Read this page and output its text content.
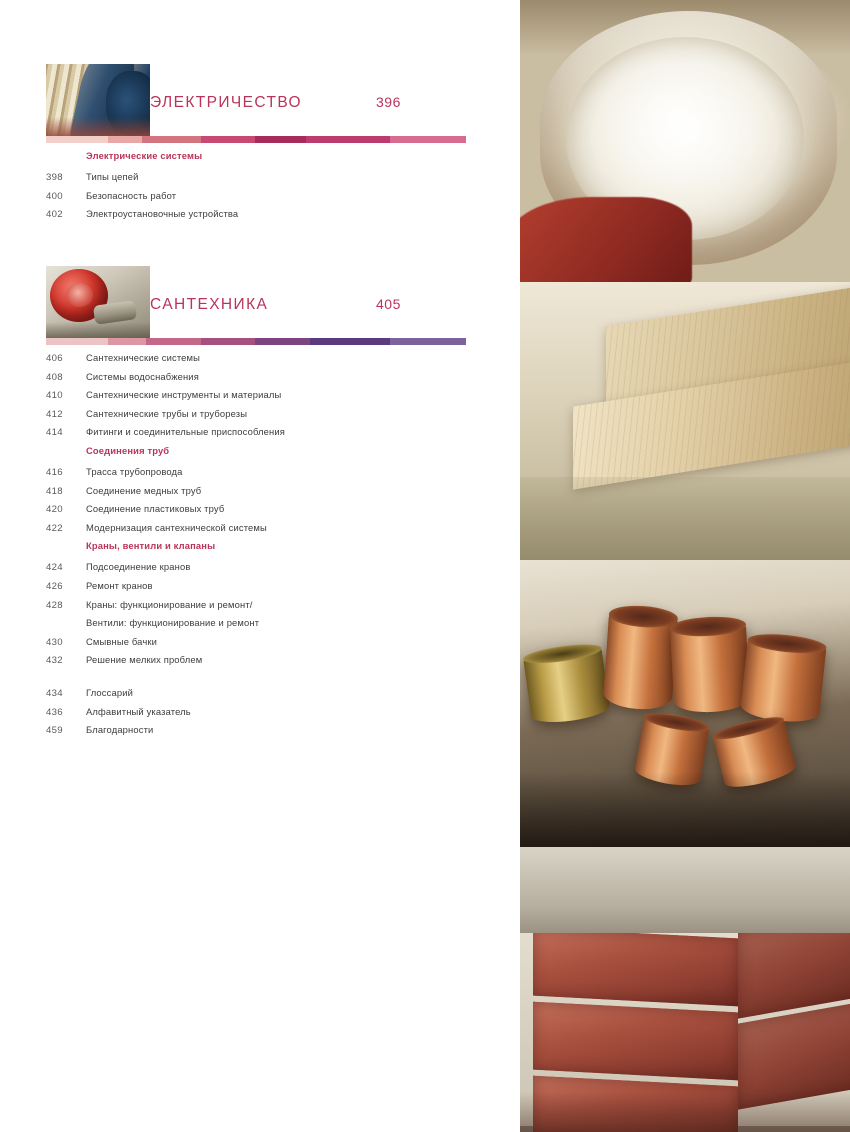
ЭЛЕКТРИЧЕСТВО	396
Электрические системы
398	Типы цепей
400	Безопасность работ
402	Электроустановочные устройства
САНТЕХНИКА	405
406	Сантехнические системы
408	Системы водоснабжения
410	Сантехнические инструменты и материалы
412	Сантехнические трубы и труборезы
414	Фитинги и соединительные приспособления
Соединения труб
416	Трасса трубопровода
418	Соединение медных труб
420	Соединение пластиковых труб
422	Модернизация сантехнической системы
Краны, вентили и клапаны
424	Подсоединение кранов
426	Ремонт кранов
428	Краны: функционирование и ремонт/
Вентили: функционирование и ремонт
430	Смывные бачки
432	Решение мелких проблем
434	Глоссарий
436	Алфавитный указатель
459	Благодарности
